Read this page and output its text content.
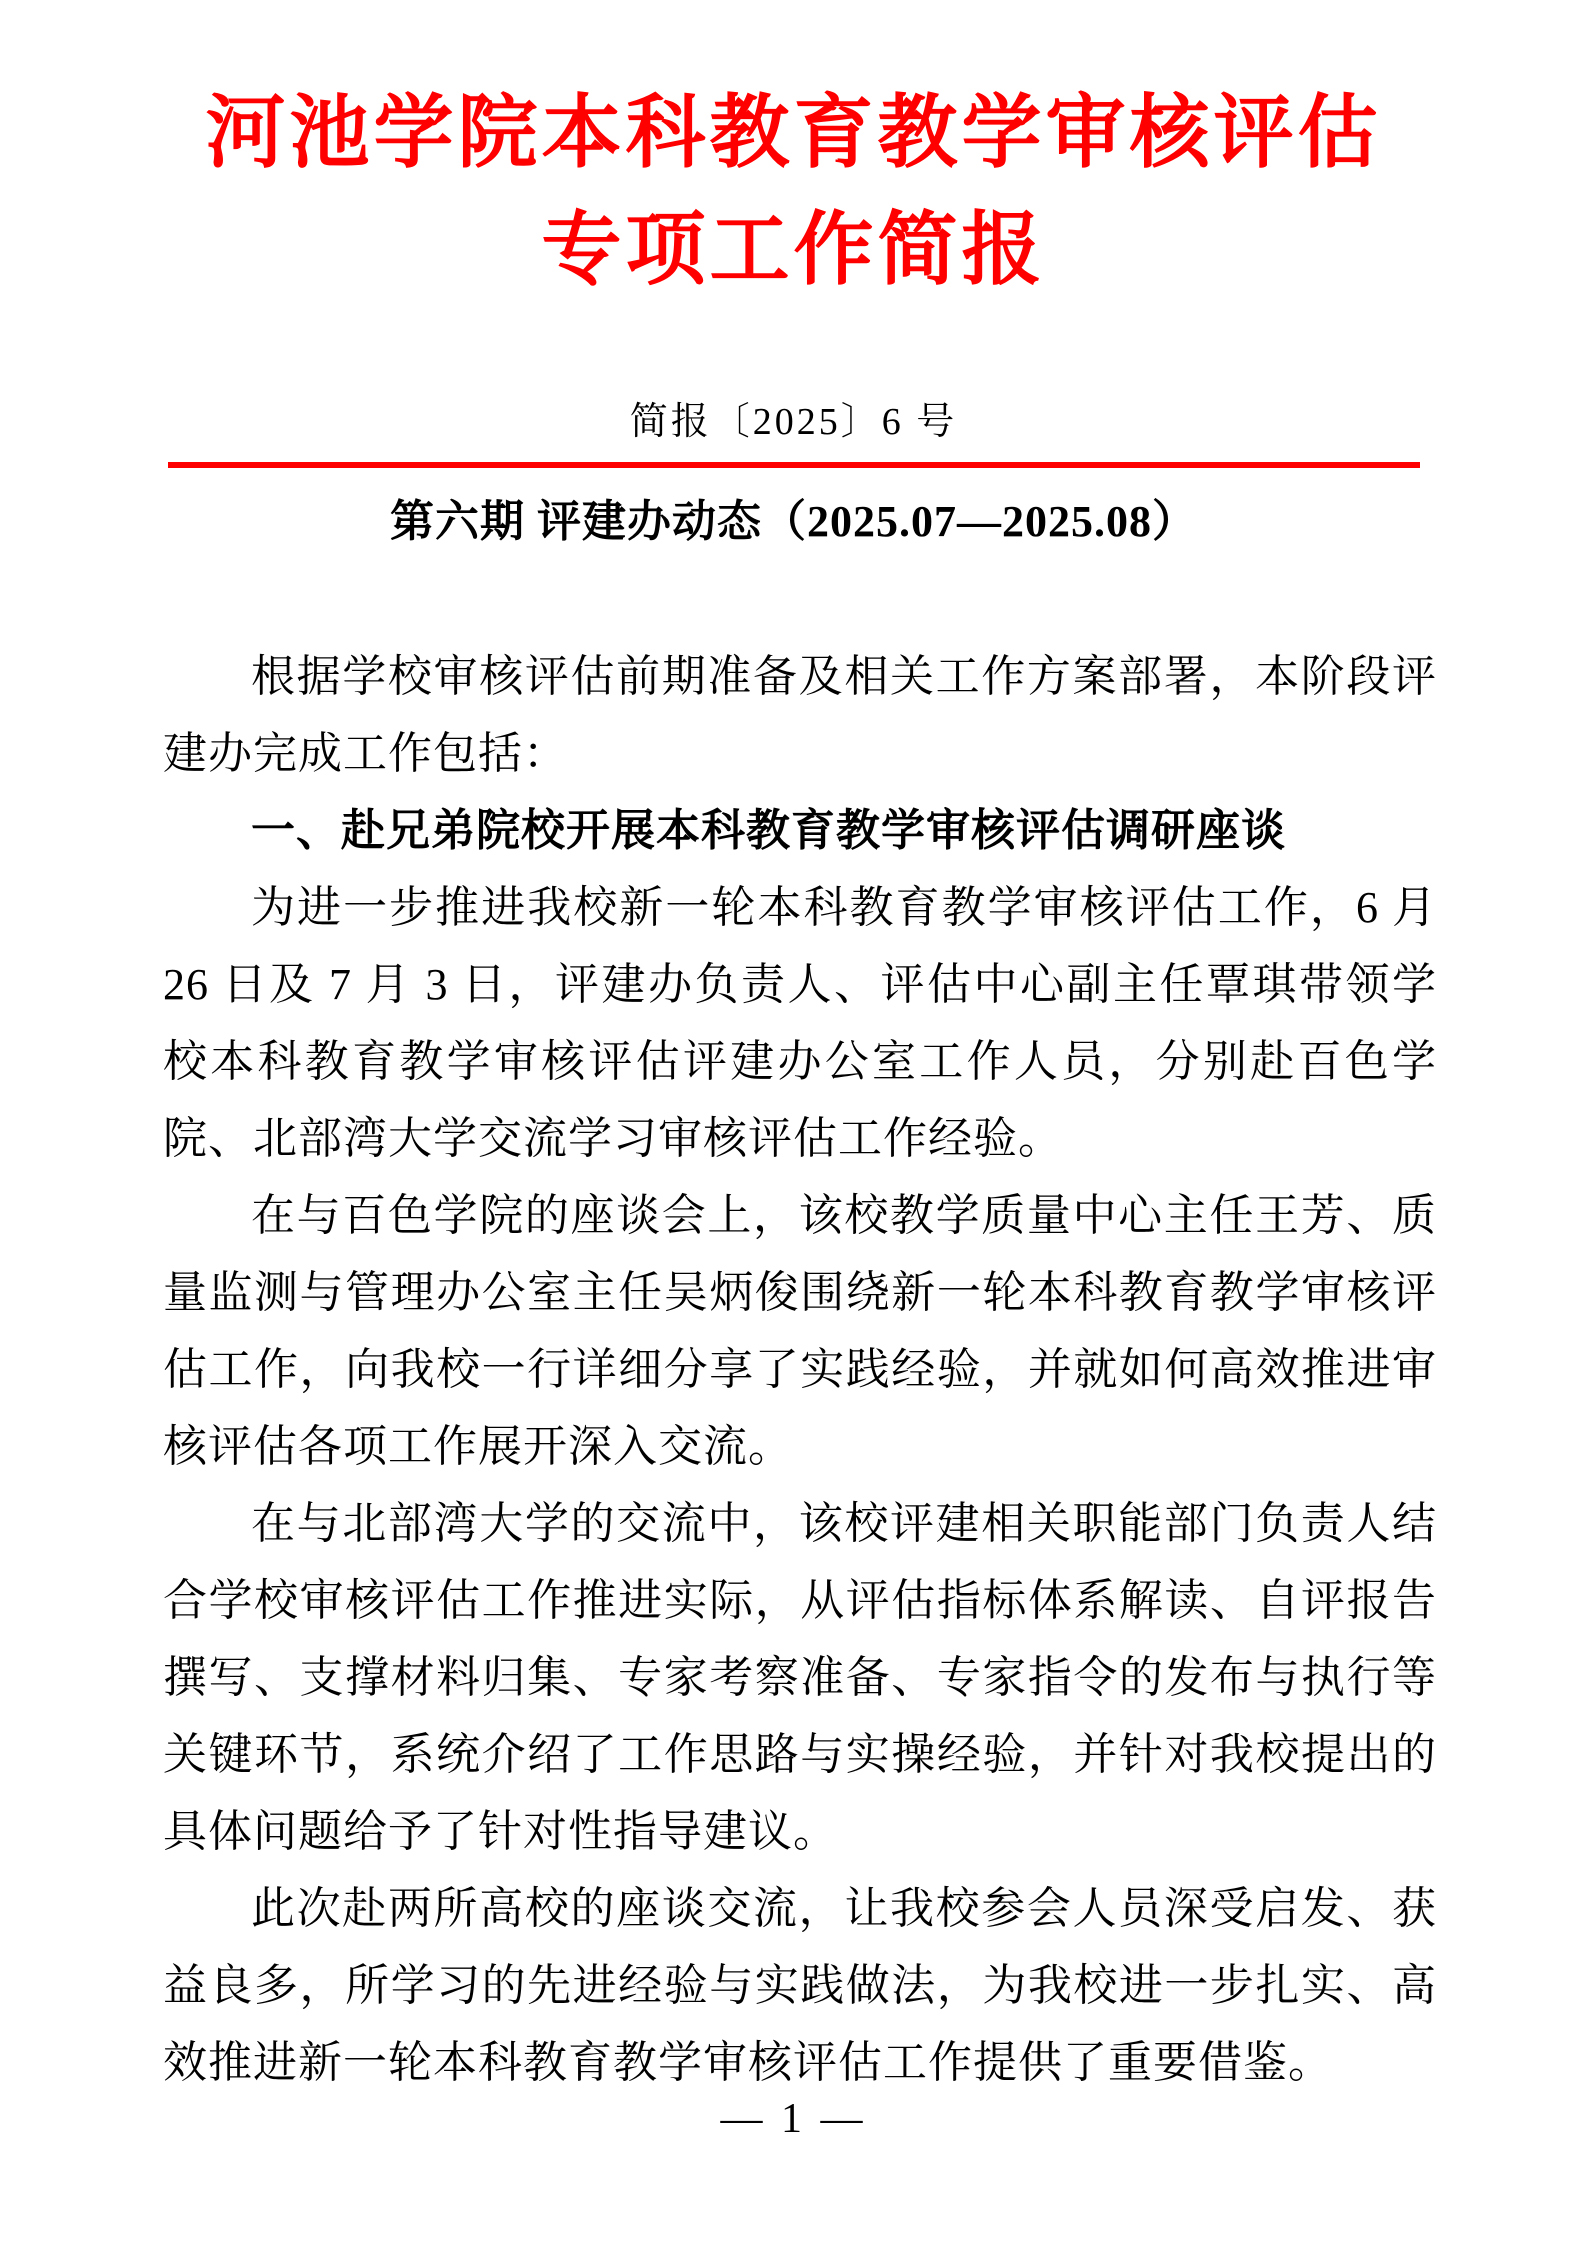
河池学院本科教育教学审核评估
专项工作简报
简报〔2025〕6 号
第六期 评建办动态（2025.07—2025.08）

根据学校审核评估前期准备及相关工作方案部署，本阶段评建办完成工作包括：

一、赴兄弟院校开展本科教育教学审核评估调研座谈

为进一步推进我校新一轮本科教育教学审核评估工作，6 月 26 日及 7 月 3 日，评建办负责人、评估中心副主任覃琪带领学校本科教育教学审核评估评建办公室工作人员，分别赴百色学院、北部湾大学交流学习审核评估工作经验。

在与百色学院的座谈会上，该校教学质量中心主任王芳、质量监测与管理办公室主任吴炳俊围绕新一轮本科教育教学审核评估工作，向我校一行详细分享了实践经验，并就如何高效推进审核评估各项工作展开深入交流。

在与北部湾大学的交流中，该校评建相关职能部门负责人结合学校审核评估工作推进实际，从评估指标体系解读、自评报告撰写、支撑材料归集、专家考察准备、专家指令的发布与执行等关键环节，系统介绍了工作思路与实操经验，并针对我校提出的具体问题给予了针对性指导建议。

此次赴两所高校的座谈交流，让我校参会人员深受启发、获益良多，所学习的先进经验与实践做法，为我校进一步扎实、高效推进新一轮本科教育教学审核评估工作提供了重要借鉴。

— 1 —
